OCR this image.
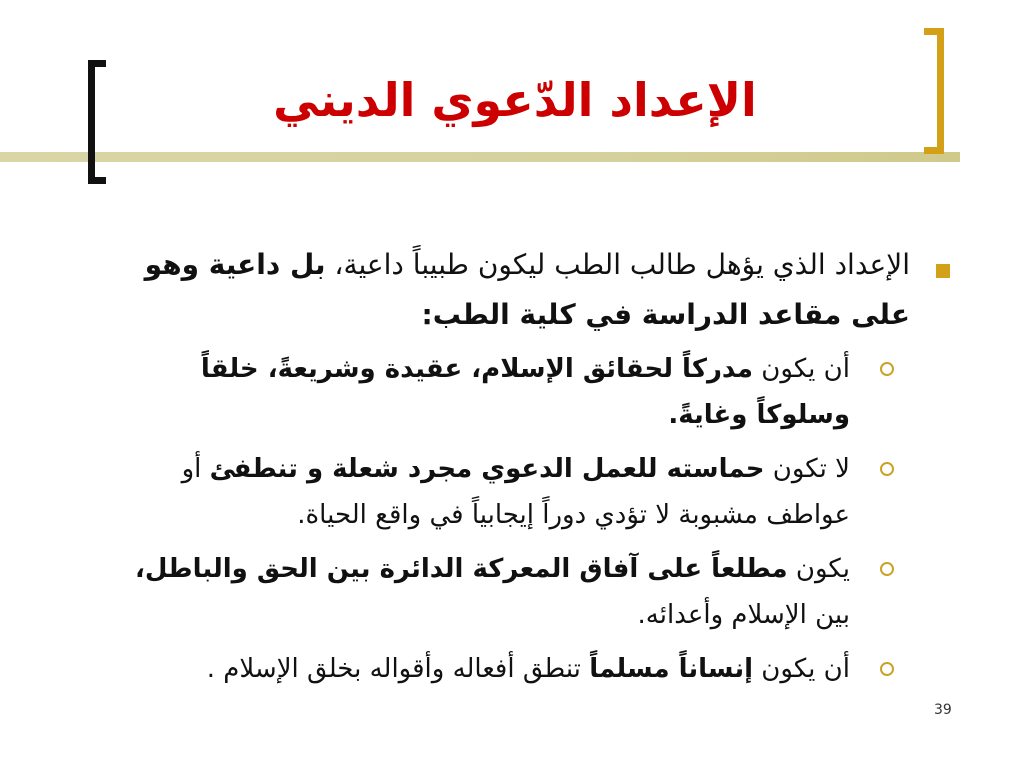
الإعداد الدّعوي الديني
الإعداد الذي يؤهل طالب الطب ليكون طبيباً داعية، بل داعية وهو على مقاعد الدراسة في كلية الطب:
أن يكون مدركاً لحقائق الإسلام، عقيدة وشريعةً، خلقاً وسلوكاً وغايةً.
لا تكون حماسته للعمل الدعوي مجرد شعلة و تنطفئ أو عواطف مشبوبة لا تؤدي دوراً إيجابياً في واقع الحياة.
يكون مطلعاً على آفاق المعركة الدائرة بين الحق والباطل، بين الإسلام وأعدائه.
أن يكون إنساناً مسلماً تنطق أفعاله وأقواله بخلق الإسلام .
39
